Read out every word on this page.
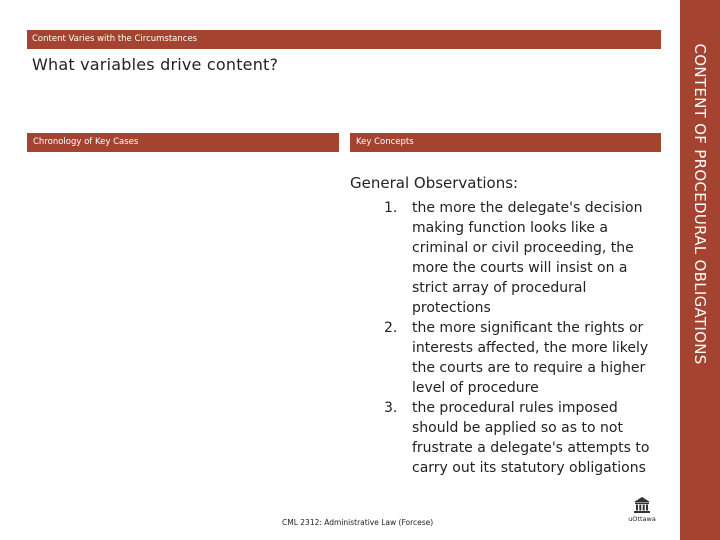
Content Varies with the Circumstances
What variables drive content?
Chronology of Key Cases	Key Concepts
General Observations:
1. the more the delegate's decision making function looks like a criminal or civil proceeding, the more the courts will insist on a strict array of procedural protections
2. the more significant the rights or interests affected, the more likely the courts are to require a higher level of procedure
3. the procedural rules imposed should be applied so as to not frustrate a delegate's attempts to carry out its statutory obligations
CONTENT OF PROCEDURAL OBLIGATIONS
CML 2312: Administrative Law (Forcese)	uOttawa
